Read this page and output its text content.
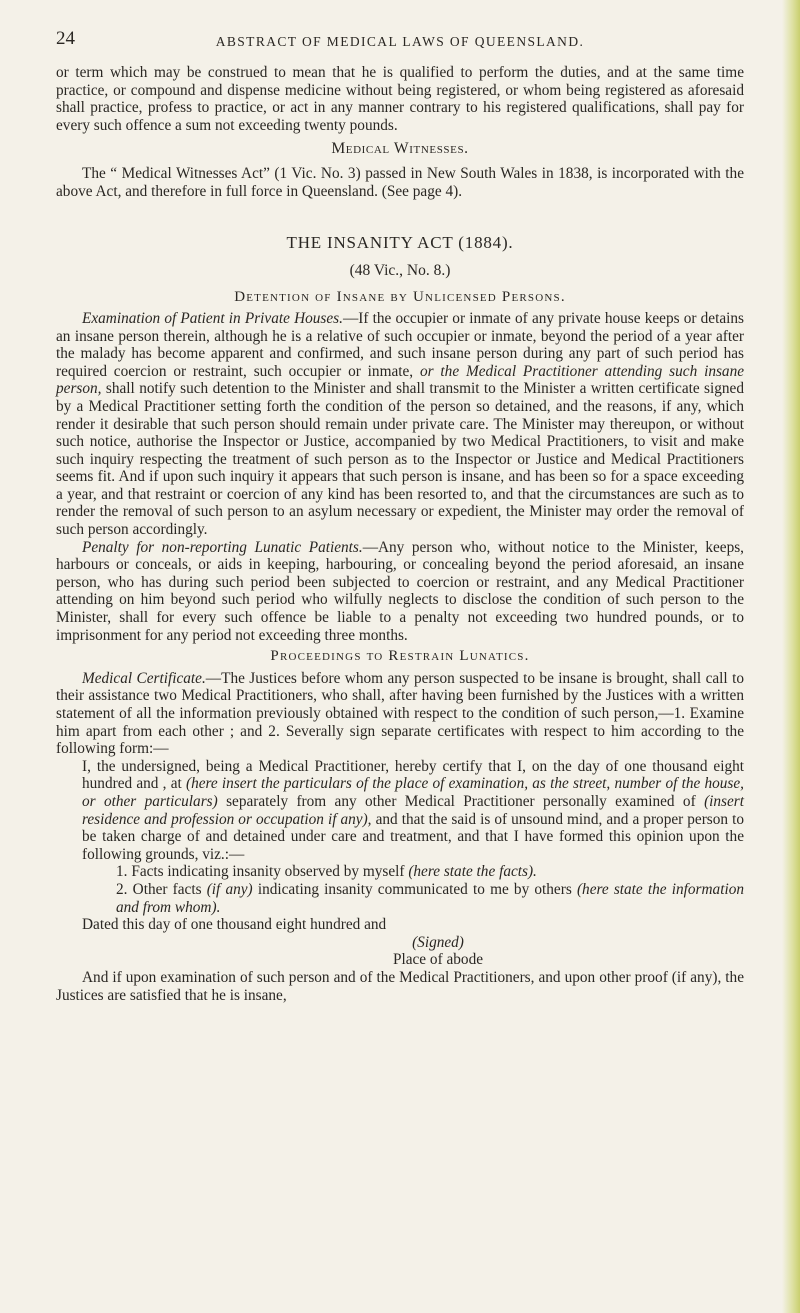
24	ABSTRACT OF MEDICAL LAWS OF QUEENSLAND.

or term which may be construed to mean that he is qualified to perform the duties, and at the same time practice, or compound and dispense medicine without being registered, or whom being registered as aforesaid shall practice, profess to practice, or act in any manner contrary to his registered qualifications, shall pay for every such offence a sum not exceeding twenty pounds.

Medical Witnesses.

The “ Medical Witnesses Act” (1 Vic. No. 3) passed in New South Wales in 1838, is incorporated with the above Act, and therefore in full force in Queensland. (See page 4).

THE INSANITY ACT (1884).

(48 Vic., No. 8.)

Detention of Insane by Unlicensed Persons.

Examination of Patient in Private Houses.—If the occupier or inmate of any private house keeps or detains an insane person therein, although he is a relative of such occupier or inmate, beyond the period of a year after the malady has become apparent and confirmed, and such insane person during any part of such period has required coercion or restraint, such occupier or inmate, or the Medical Practitioner attending such insane person, shall notify such detention to the Minister and shall transmit to the Minister a written certificate signed by a Medical Practitioner setting forth the condition of the person so detained, and the reasons, if any, which render it desirable that such person should remain under private care. The Minister may thereupon, or without such notice, authorise the Inspector or Justice, accompanied by two Medical Practitioners, to visit and make such inquiry respecting the treatment of such person as to the Inspector or Justice and Medical Practitioners seems fit. And if upon such inquiry it appears that such person is insane, and has been so for a space exceeding a year, and that restraint or coercion of any kind has been resorted to, and that the circumstances are such as to render the removal of such person to an asylum necessary or expedient, the Minister may order the removal of such person accordingly.

Penalty for non-reporting Lunatic Patients.—Any person who, without notice to the Minister, keeps, harbours or conceals, or aids in keeping, harbouring, or concealing beyond the period aforesaid, an insane person, who has during such period been subjected to coercion or restraint, and any Medical Practitioner attending on him beyond such period who wilfully neglects to disclose the condition of such person to the Minister, shall for every such offence be liable to a penalty not exceeding two hundred pounds, or to imprisonment for any period not exceeding three months.

Proceedings to Restrain Lunatics.

Medical Certificate.—The Justices before whom any person suspected to be insane is brought, shall call to their assistance two Medical Practitioners, who shall, after having been furnished by the Justices with a written statement of all the information previously obtained with respect to the condition of such person,—1. Examine him apart from each other ; and 2. Severally sign separate certificates with respect to him according to the following form:—

I, the undersigned, being a Medical Practitioner, hereby certify that I, on the day of one thousand eight hundred and , at (here insert the particulars of the place of examination, as the street, number of the house, or other particulars) separately from any other Medical Practitioner personally examined of (insert residence and profession or occupation if any), and that the said is of unsound mind, and a proper person to be taken charge of and detained under care and treatment, and that I have formed this opinion upon the following grounds, viz.:—

1. Facts indicating insanity observed by myself (here state the facts).

2. Other facts (if any) indicating insanity communicated to me by others (here state the information and from whom).

Dated this day of one thousand eight hundred and

(Signed)

Place of abode

And if upon examination of such person and of the Medical Practitioners, and upon other proof (if any), the Justices are satisfied that he is insane,
